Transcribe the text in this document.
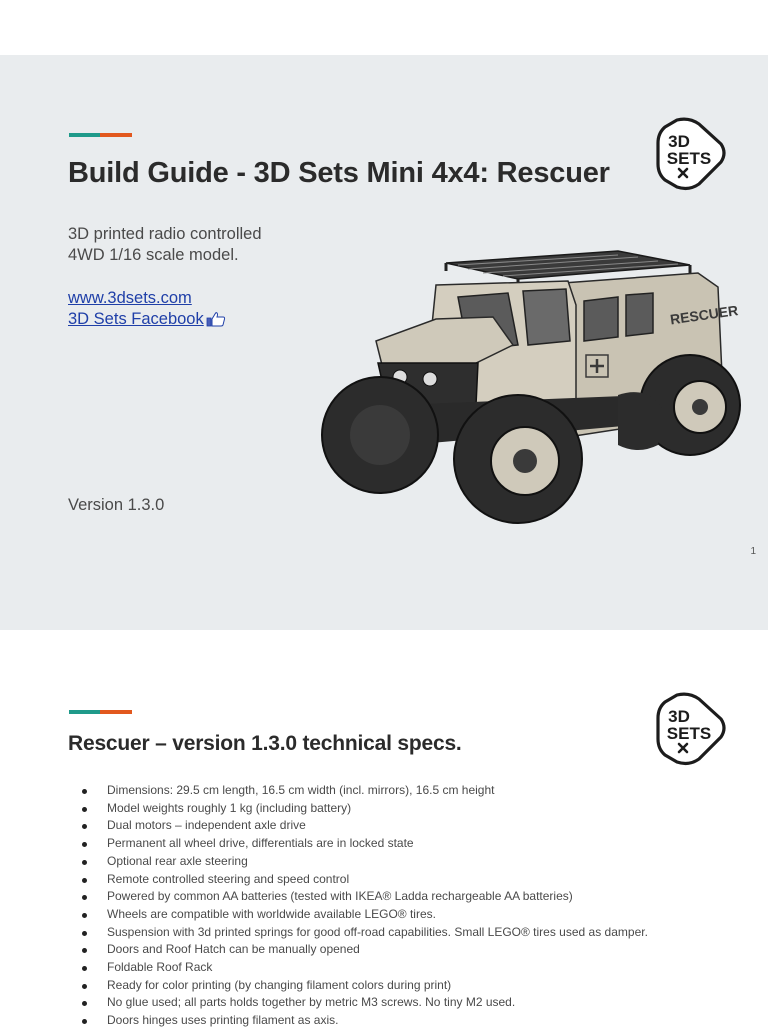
Build Guide - 3D Sets Mini 4x4: Rescuer
3D
SETS
3D printed radio controlled
4WD 1/16 scale model.
www.3dsets.com
3D Sets Facebook
Version 1.3.0
1
RESCUER
Rescuer – version 1.3.0 technical specs.
3D
SETS
Dimensions: 29.5 cm length, 16.5 cm width (incl. mirrors), 16.5 cm height
Model weights roughly 1 kg (including battery)
Dual motors – independent axle drive
Permanent all wheel drive, differentials are in locked state
Optional rear axle steering
Remote controlled steering and speed control
Powered by common AA batteries (tested with IKEA® Ladda rechargeable AA batteries)
Wheels are compatible with worldwide available LEGO® tires.
Suspension with 3d printed springs for good off-road capabilities. Small LEGO® tires used as damper.
Doors and Roof Hatch can be manually opened
Foldable Roof Rack
Ready for color printing (by changing filament colors during print)
No glue used; all parts holds together by metric M3 screws. No tiny M2 used.
Doors hinges uses printing filament as axis.
